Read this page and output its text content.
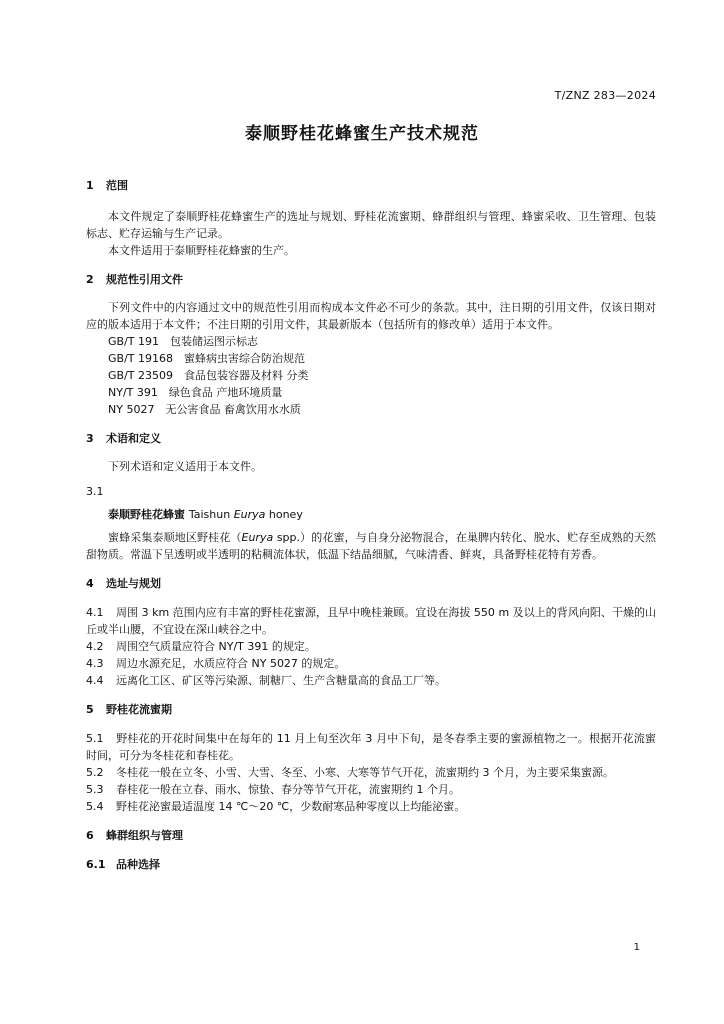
T/ZNZ 283—2024
泰顺野桂花蜂蜜生产技术规范

1 范围

本文件规定了泰顺野桂花蜂蜜生产的选址与规划、野桂花流蜜期、蜂群组织与管理、蜂蜜采收、卫生管理、包装标志、贮存运输与生产记录。

本文件适用于泰顺野桂花蜂蜜的生产。

2 规范性引用文件

下列文件中的内容通过文中的规范性引用而构成本文件必不可少的条款。其中，注日期的引用文件，仅该日期对应的版本适用于本文件；不注日期的引用文件，其最新版本（包括所有的修改单）适用于本文件。

GB/T 191　包装储运图示标志

GB/T 19168　蜜蜂病虫害综合防治规范

GB/T 23509　食品包装容器及材料 分类

NY/T 391　绿色食品 产地环境质量

NY 5027　无公害食品 畜禽饮用水水质

3 术语和定义

下列术语和定义适用于本文件。

3.1

泰顺野桂花蜂蜜 Taishun Eurya honey

蜜蜂采集泰顺地区野桂花（Eurya spp.）的花蜜，与自身分泌物混合，在巢脾内转化、脱水、贮存至成熟的天然甜物质。常温下呈透明或半透明的粘稠流体状，低温下结晶细腻，气味清香、鲜爽，具备野桂花特有芳香。

4 选址与规划

4.1 周围 3 km 范围内应有丰富的野桂花蜜源，且早中晚桂兼顾。宜设在海拔 550 m 及以上的背风向阳、干燥的山丘或半山腰，不宜设在深山峡谷之中。

4.2 周围空气质量应符合 NY/T 391 的规定。

4.3 周边水源充足，水质应符合 NY 5027 的规定。

4.4 远离化工区、矿区等污染源、制糖厂、生产含糖量高的食品工厂等。

5 野桂花流蜜期

5.1 野桂花的开花时间集中在每年的 11 月上旬至次年 3 月中下旬，是冬春季主要的蜜源植物之一。根据开花流蜜时间，可分为冬桂花和春桂花。

5.2 冬桂花一般在立冬、小雪、大雪、冬至、小寒、大寒等节气开花，流蜜期约 3 个月，为主要采集蜜源。

5.3 春桂花一般在立春、雨水、惊蛰、春分等节气开花，流蜜期约 1 个月。

5.4 野桂花泌蜜最适温度 14 ℃～20 ℃，少数耐寒品种零度以上均能泌蜜。

6 蜂群组织与管理

6.1 品种选择

1
